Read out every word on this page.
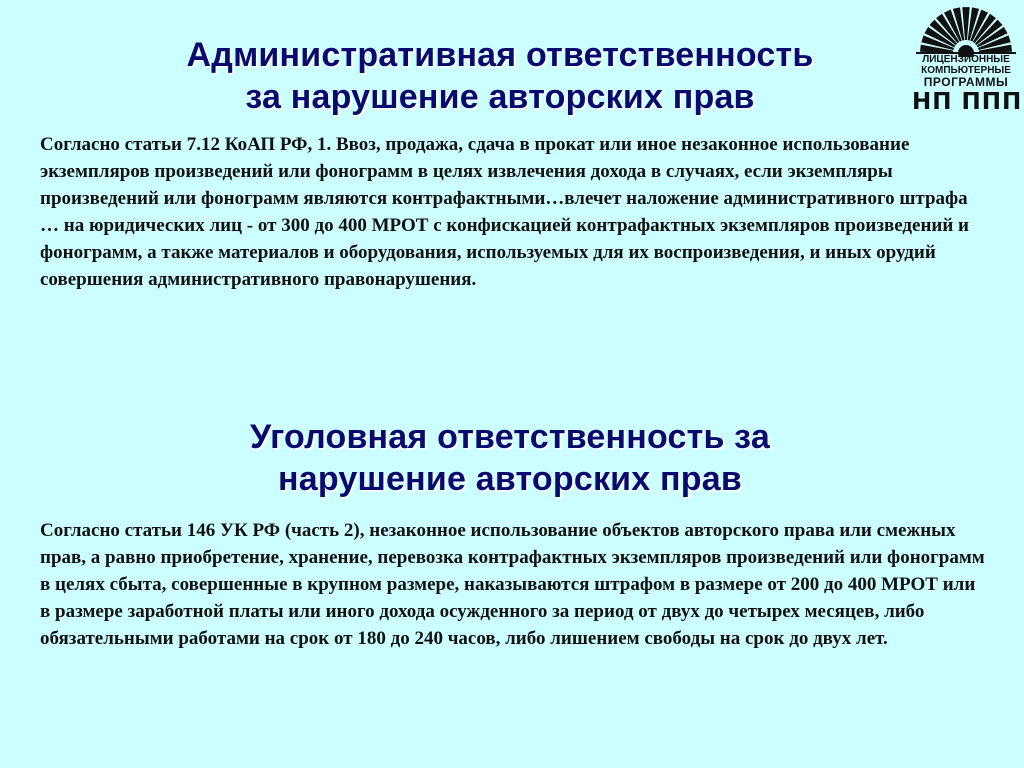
ЛИЦЕНЗИОННЫЕ
КОМПЬЮТЕРНЫЕ
ПРОГРАММЫ
НП ППП
Административная ответственность
за нарушение авторских прав

Согласно статьи 7.12 КоАП РФ, 1. Ввоз, продажа, сдача в прокат или иное незаконное использование экземпляров произведений или фонограмм в целях извлечения дохода в случаях, если экземпляры произведений или фонограмм являются контрафактными…влечет наложение административного штрафа … на юридических лиц - от 300 до 400 МРОТ с конфискацией контрафактных экземпляров произведений и фонограмм, а также материалов и оборудования, используемых для их воспроизведения, и иных орудий совершения административного правонарушения.

Уголовная ответственность за
нарушение авторских прав

Согласно статьи 146 УК РФ (часть 2), незаконное использование объектов авторского права или смежных прав, а равно приобретение, хранение, перевозка контрафактных экземпляров произведений или фонограмм в целях сбыта, совершенные в крупном размере, наказываются штрафом в размере от 200 до 400 МРОТ или в размере заработной платы или иного дохода осужденного за период от двух до четырех месяцев, либо обязательными работами на срок от 180 до 240 часов, либо лишением свободы на срок до двух лет.
